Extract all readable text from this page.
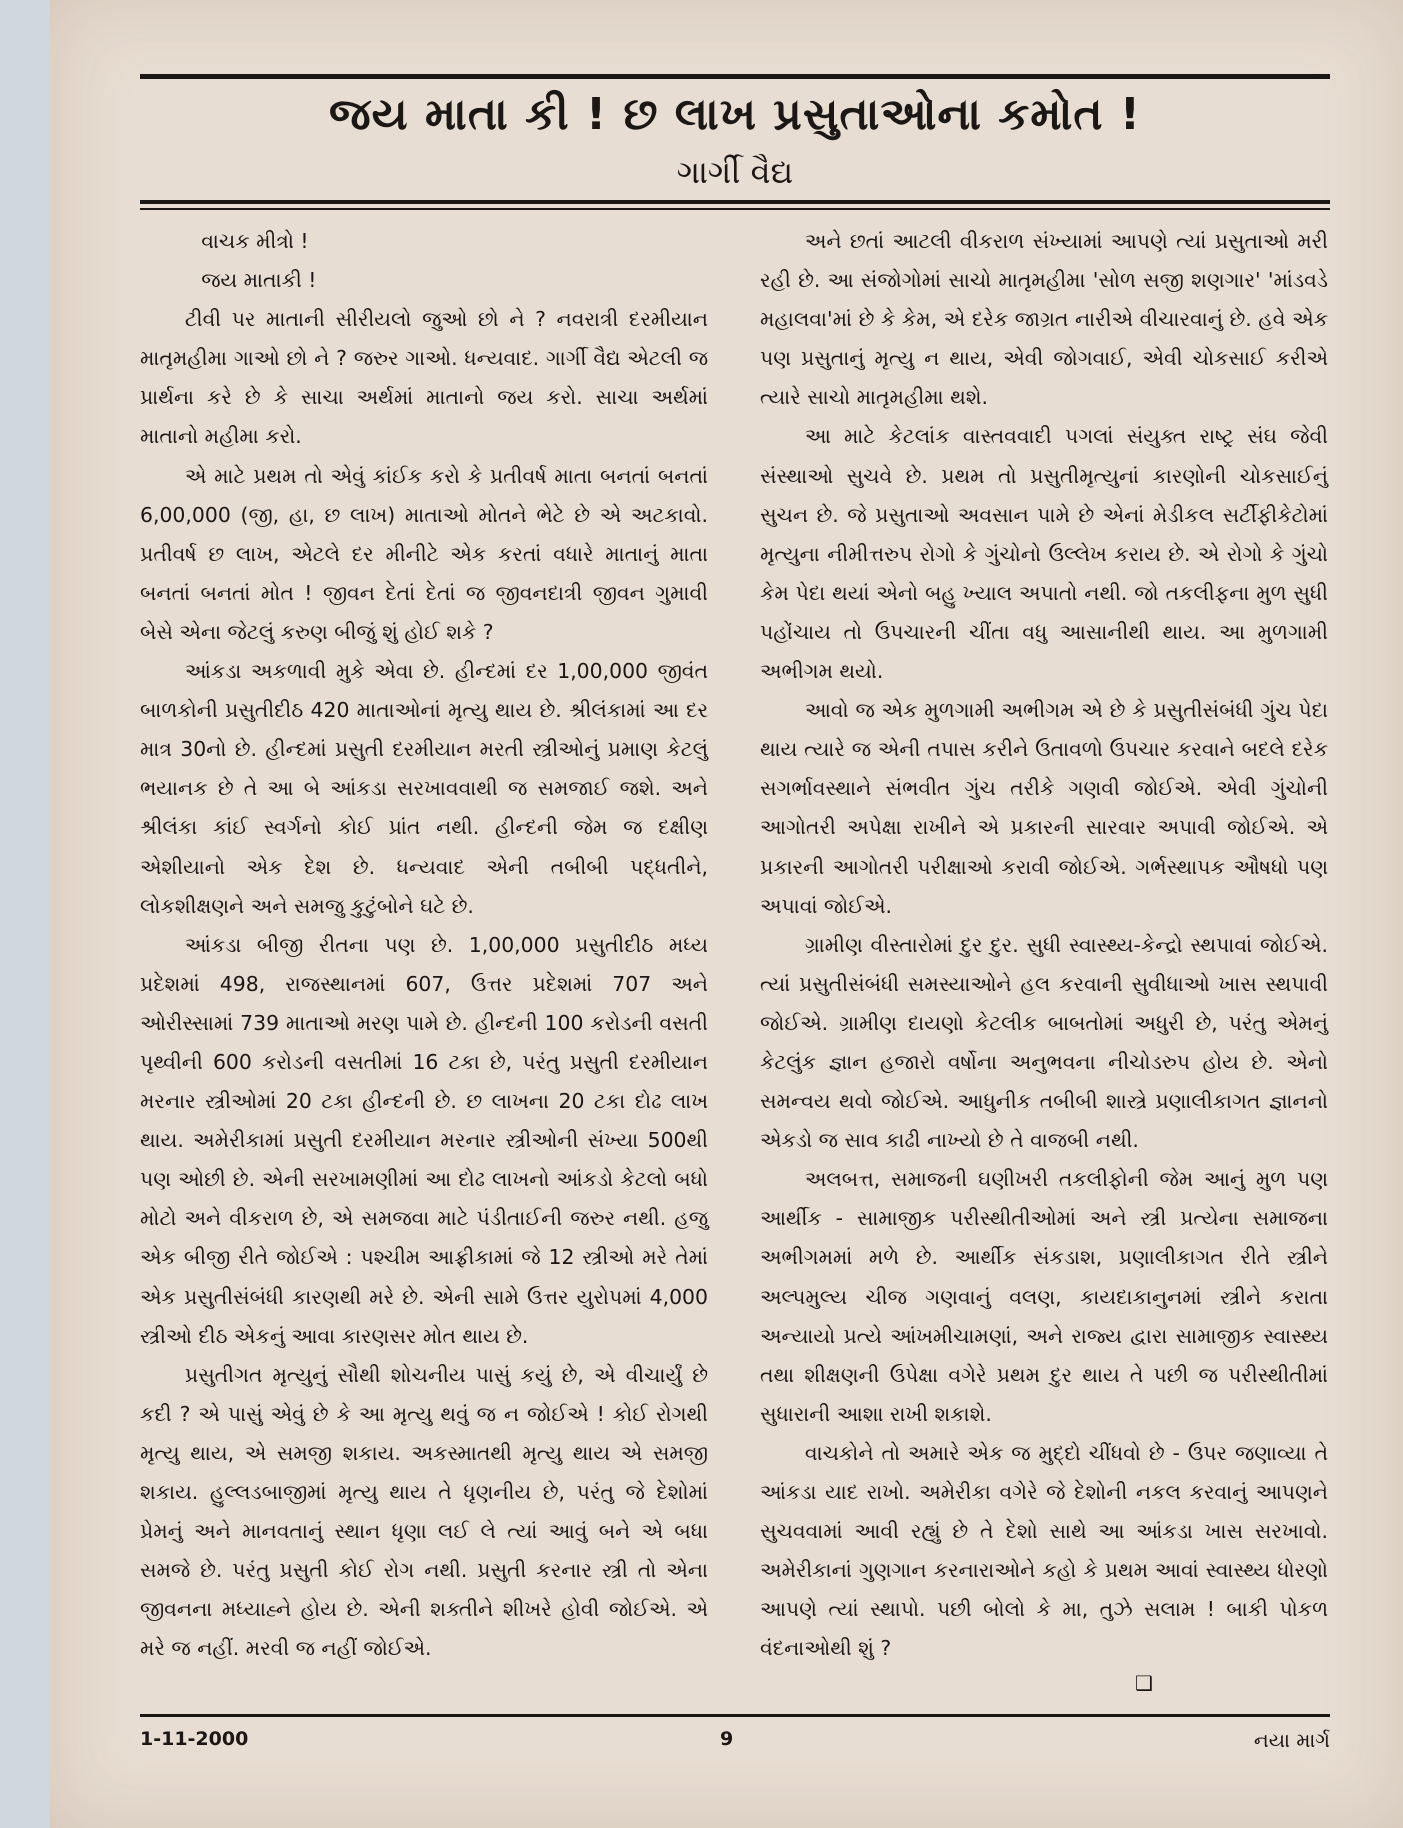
જય માતા કી ! છ લાખ પ્રસુતાઓના કમોત !
ગાર્ગી વૈદ્ય

વાચક મીત્રો !

જય માતાકી !

ટીવી પર માતાની સીરીયલો જુઓ છો ને ? નવરાત્રી દરમીયાન માતૃમહીમા ગાઓ છો ને ? જરુર ગાઓ. ધન્યવાદ. ગાર્ગી વૈદ્ય એટલી જ પ્રાર્થના કરે છે કે સાચા અર્થમાં માતાનો જય કરો. સાચા અર્થમાં માતાનો મહીમા કરો.

એ માટે પ્રથમ તો એવું કાંઈક કરો કે પ્રતીવર્ષ માતા બનતાં બનતાં 6,00,000 (જી, હા, છ લાખ) માતાઓ મોતને ભેટે છે એ અટકાવો. પ્રતીવર્ષ છ લાખ, એટલે દર મીનીટે એક કરતાં વધારે માતાનું માતા બનતાં બનતાં મોત ! જીવન દેતાં દેતાં જ જીવનદાત્રી જીવન ગુમાવી બેસે એના જેટલું કરુણ બીજું શું હોઈ શકે ?

આંકડા અકળાવી મુકે એવા છે. હીન્દમાં દર 1,00,000 જીવંત બાળકોની પ્રસુતીદીઠ 420 માતાઓનાં મૃત્યુ થાય છે. શ્રીલંકામાં આ દર માત્ર 30નો છે. હીન્દમાં પ્રસુતી દરમીયાન મરતી સ્ત્રીઓનું પ્રમાણ કેટલું ભયાનક છે તે આ બે આંકડા સરખાવવાથી જ સમજાઈ જશે. અને શ્રીલંકા કાંઈ સ્વર્ગનો કોઈ પ્રાંત નથી. હીન્દની જેમ જ દક્ષીણ એશીયાનો એક દેશ છે. ધન્યવાદ એની તબીબી પદ્ધતીને, લોકશીક્ષણને અને સમજુ કુટુંબોને ઘટે છે.

આંકડા બીજી રીતના પણ છે. 1,00,000 પ્રસુતીદીઠ મધ્ય પ્રદેશમાં 498, રાજસ્થાનમાં 607, ઉત્તર પ્રદેશમાં 707 અને ઓરીસ્સામાં 739 માતાઓ મરણ પામે છે. હીન્દની 100 કરોડની વસતી પૃથ્વીની 600 કરોડની વસતીમાં 16 ટકા છે, પરંતુ પ્રસુતી દરમીયાન મરનાર સ્ત્રીઓમાં 20 ટકા હીન્દની છે. છ લાખના 20 ટકા દોઢ લાખ થાય. અમેરીકામાં પ્રસુતી દરમીયાન મરનાર સ્ત્રીઓની સંખ્યા 500થી પણ ઓછી છે. એની સરખામણીમાં આ દોઢ લાખનો આંકડો કેટલો બધો મોટો અને વીકરાળ છે, એ સમજવા માટે પંડીતાઈની જરુર નથી. હજુ એક બીજી રીતે જોઈએ : પશ્ચીમ આફ્રીકામાં જે 12 સ્ત્રીઓ મરે તેમાં એક પ્રસુતીસંબંધી કારણથી મરે છે. એની સામે ઉત્તર યુરોપમાં 4,000 સ્ત્રીઓ દીઠ એકનું આવા કારણસર મોત થાય છે.

પ્રસુતીગત મૃત્યુનું સૌથી શોચનીય પાસું કયું છે, એ વીચાર્યું છે કદી ? એ પાસું એવું છે કે આ મૃત્યુ થવું જ ન જોઈએ ! કોઈ રોગથી મૃત્યુ થાય, એ સમજી શકાય. અકસ્માતથી મૃત્યુ થાય એ સમજી શકાય. હુલ્લડબાજીમાં મૃત્યુ થાય તે ધૃણનીય છે, પરંતુ જે દેશોમાં પ્રેમનું અને માનવતાનું સ્થાન ધૃણા લઈ લે ત્યાં આવું બને એ બધા સમજે છે. પરંતુ પ્રસુતી કોઈ રોગ નથી. પ્રસુતી કરનાર સ્ત્રી તો એના જીવનના મધ્યાહ્ને હોય છે. એની શક્તીને શીખરે હોવી જોઈએ. એ મરે જ નહીં. મરવી જ નહીં જોઈએ.

અને છતાં આટલી વીકરાળ સંખ્યામાં આપણે ત્યાં પ્રસુતાઓ મરી રહી છે. આ સંજોગોમાં સાચો માતૃમહીમા 'સોળ સજી શણગાર' 'માંડવડે મહાલવા'માં છે કે કેમ, એ દરેક જાગ્રત નારીએ વીચારવાનું છે. હવે એક પણ પ્રસુતાનું મૃત્યુ ન થાય, એવી જોગવાઈ, એવી ચોકસાઈ કરીએ ત્યારે સાચો માતૃમહીમા થશે.

આ માટે કેટલાંક વાસ્તવવાદી પગલાં સંયુક્ત રાષ્ટ્ર સંઘ જેવી સંસ્થાઓ સુચવે છે. પ્રથમ તો પ્રસુતીમૃત્યુનાં કારણોની ચોકસાઈનું સુચન છે. જે પ્રસુતાઓ અવસાન પામે છે એનાં મેડીકલ સર્ટીફીકેટોમાં મૃત્યુના નીમીત્તરુપ રોગો કે ગુંચોનો ઉલ્લેખ કરાય છે. એ રોગો કે ગુંચો કેમ પેદા થયાં એનો બહુ ખ્યાલ અપાતો નથી. જો તકલીફના મુળ સુધી પહોંચાય તો ઉપચારની ચીંતા વધુ આસાનીથી થાય. આ મુળગામી અભીગમ થયો.

આવો જ એક મુળગામી અભીગમ એ છે કે પ્રસુતીસંબંધી ગુંચ પેદા થાય ત્યારે જ એની તપાસ કરીને ઉતાવળો ઉપચાર કરવાને બદલે દરેક સગર્ભાવસ્થાને સંભવીત ગુંચ તરીકે ગણવી જોઈએ. એવી ગુંચોની આગોતરી અપેક્ષા રાખીને એ પ્રકારની સારવાર અપાવી જોઈએ. એ પ્રકારની આગોતરી પરીક્ષાઓ કરાવી જોઈએ. ગર્ભસ્થાપક ઔષધો પણ અપાવાં જોઈએ.

ગ્રામીણ વીસ્તારોમાં દુર દુર. સુધી સ્વાસ્થ્ય-કેન્દ્રો સ્થપાવાં જોઈએ. ત્યાં પ્રસુતીસંબંધી સમસ્યાઓને હલ કરવાની સુવીધાઓ ખાસ સ્થપાવી જોઈએ. ગ્રામીણ દાયણો કેટલીક બાબતોમાં અધુરી છે, પરંતુ એમનું કેટલુંક જ્ઞાન હજારો વર્ષોના અનુભવના નીચોડરુપ હોય છે. એનો સમન્વય થવો જોઈએ. આધુનીક તબીબી શાસ્ત્રે પ્રણાલીકાગત જ્ઞાનનો એકડો જ સાવ કાઢી નાખ્યો છે તે વાજબી નથી.

અલબત્ત, સમાજની ઘણીખરી તકલીફોની જેમ આનું મુળ પણ આર્થીક - સામાજીક પરીસ્થીતીઓમાં અને સ્ત્રી પ્રત્યેના સમાજના અભીગમમાં મળે છે. આર્થીક સંકડાશ, પ્રણાલીકાગત રીતે સ્ત્રીને અલ્પમુલ્ય ચીજ ગણવાનું વલણ, કાયદાકાનુનમાં સ્ત્રીને કરાતા અન્યાયો પ્રત્યે આંખમીચામણાં, અને રાજ્ય દ્વારા સામાજીક સ્વાસ્થ્ય તથા શીક્ષણની ઉપેક્ષા વગેરે પ્રથમ દુર થાય તે પછી જ પરીસ્થીતીમાં સુધારાની આશા રાખી શકાશે.

વાચકોને તો અમારે એક જ મુદ્દો ચીંધવો છે - ઉપર જણાવ્યા તે આંકડા યાદ રાખો. અમેરીકા વગેરે જે દેશોની નકલ કરવાનું આપણને સુચવવામાં આવી રહ્યું છે તે દેશો સાથે આ આંકડા ખાસ સરખાવો. અમેરીકાનાં ગુણગાન કરનારાઓને કહો કે પ્રથમ આવાં સ્વાસ્થ્ય ધોરણો આપણે ત્યાં સ્થાપો. પછી બોલો કે મા, તુઝે સલામ ! બાકી પોકળ વંદનાઓથી શું ?

❑
1-11-2000	9	નયા માર્ગ
